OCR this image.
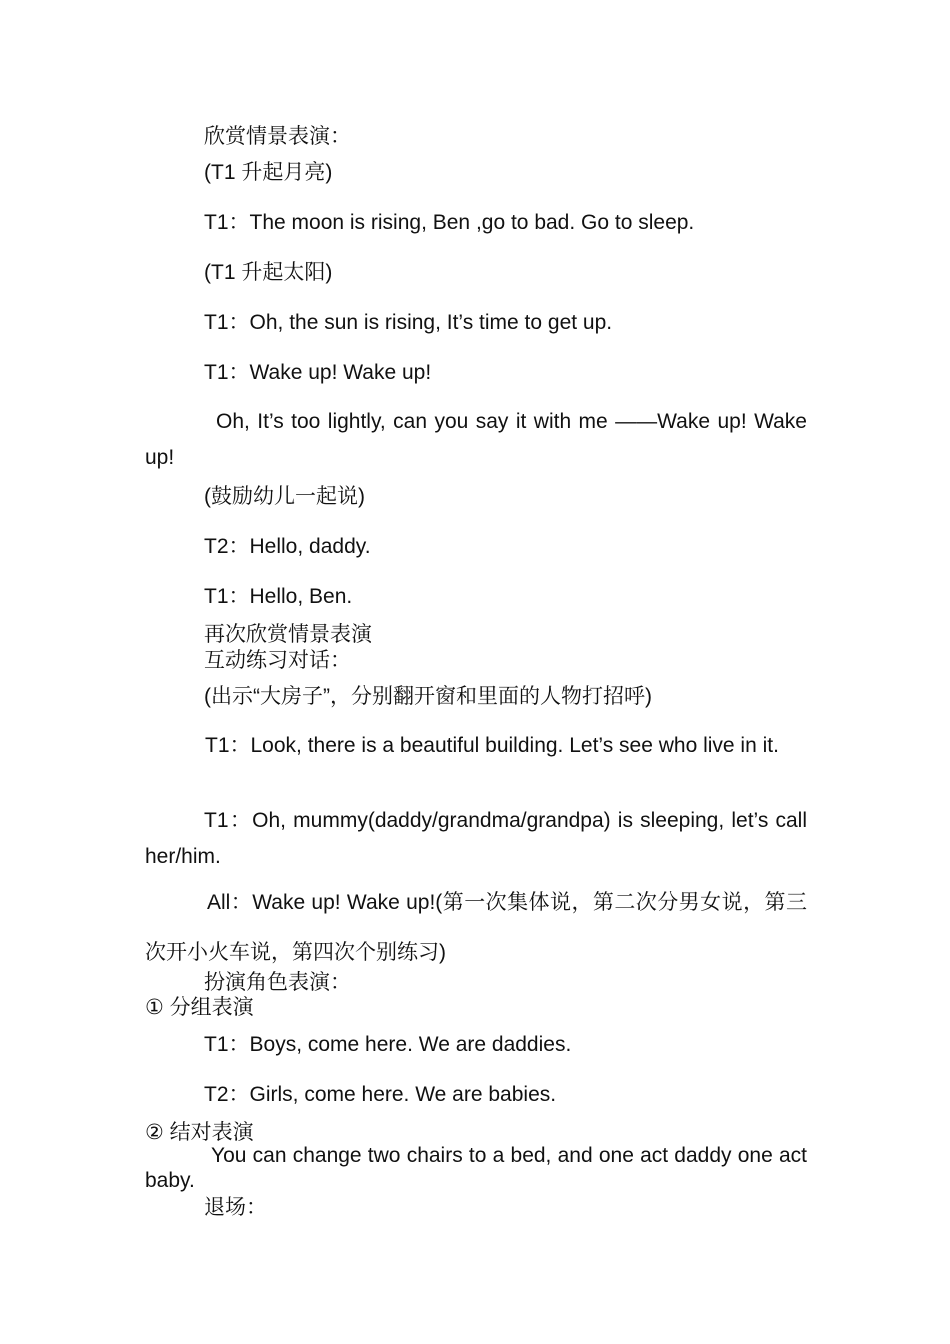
欣赏情景表演：
(T1 升起月亮)
T1：The moon is rising, Ben ,go to bad. Go to sleep.
(T1 升起太阳)
T1：Oh, the sun is rising, It’s time to get up.
T1：Wake up! Wake up!
Oh, It’s too lightly, can you say it with me ——Wake up! Wake up!
(鼓励幼儿一起说)
T2：Hello, daddy.
T1：Hello, Ben.
再次欣赏情景表演
互动练习对话：
(出示“大房子”，分别翻开窗和里面的人物打招呼)
T1：Look, there is a beautiful building. Let’s see who live in it.
T1：Oh, mummy(daddy/grandma/grandpa) is sleeping, let’s call her/him.
All：Wake up! Wake up!(第一次集体说，第二次分男女说，第三次开小火车说，第四次个别练习)
扮演角色表演：
① 分组表演
T1：Boys, come here. We are daddies.
T2：Girls, come here. We are babies.
② 结对表演
You can change two chairs to a bed, and one act daddy one act baby.
退场：
